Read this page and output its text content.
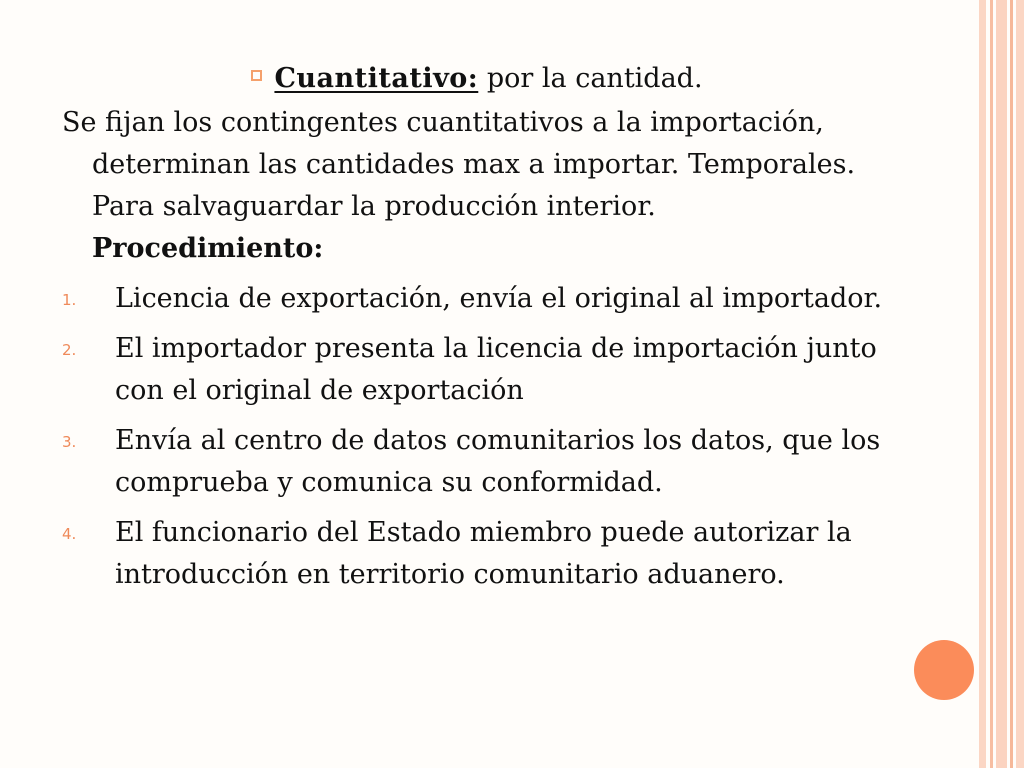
Cuantitativo: por la cantidad.
Se fijan los contingentes cuantitativos a la importación, determinan las cantidades max a importar. Temporales. Para salvaguardar la producción interior. Procedimiento:
1. Licencia de exportación, envía el original al importador.
2. El importador presenta la licencia de importación junto con el original de exportación
3. Envía al centro de datos comunitarios los datos, que los comprueba y comunica su conformidad.
4. El funcionario del Estado miembro puede autorizar la introducción en territorio comunitario aduanero.
